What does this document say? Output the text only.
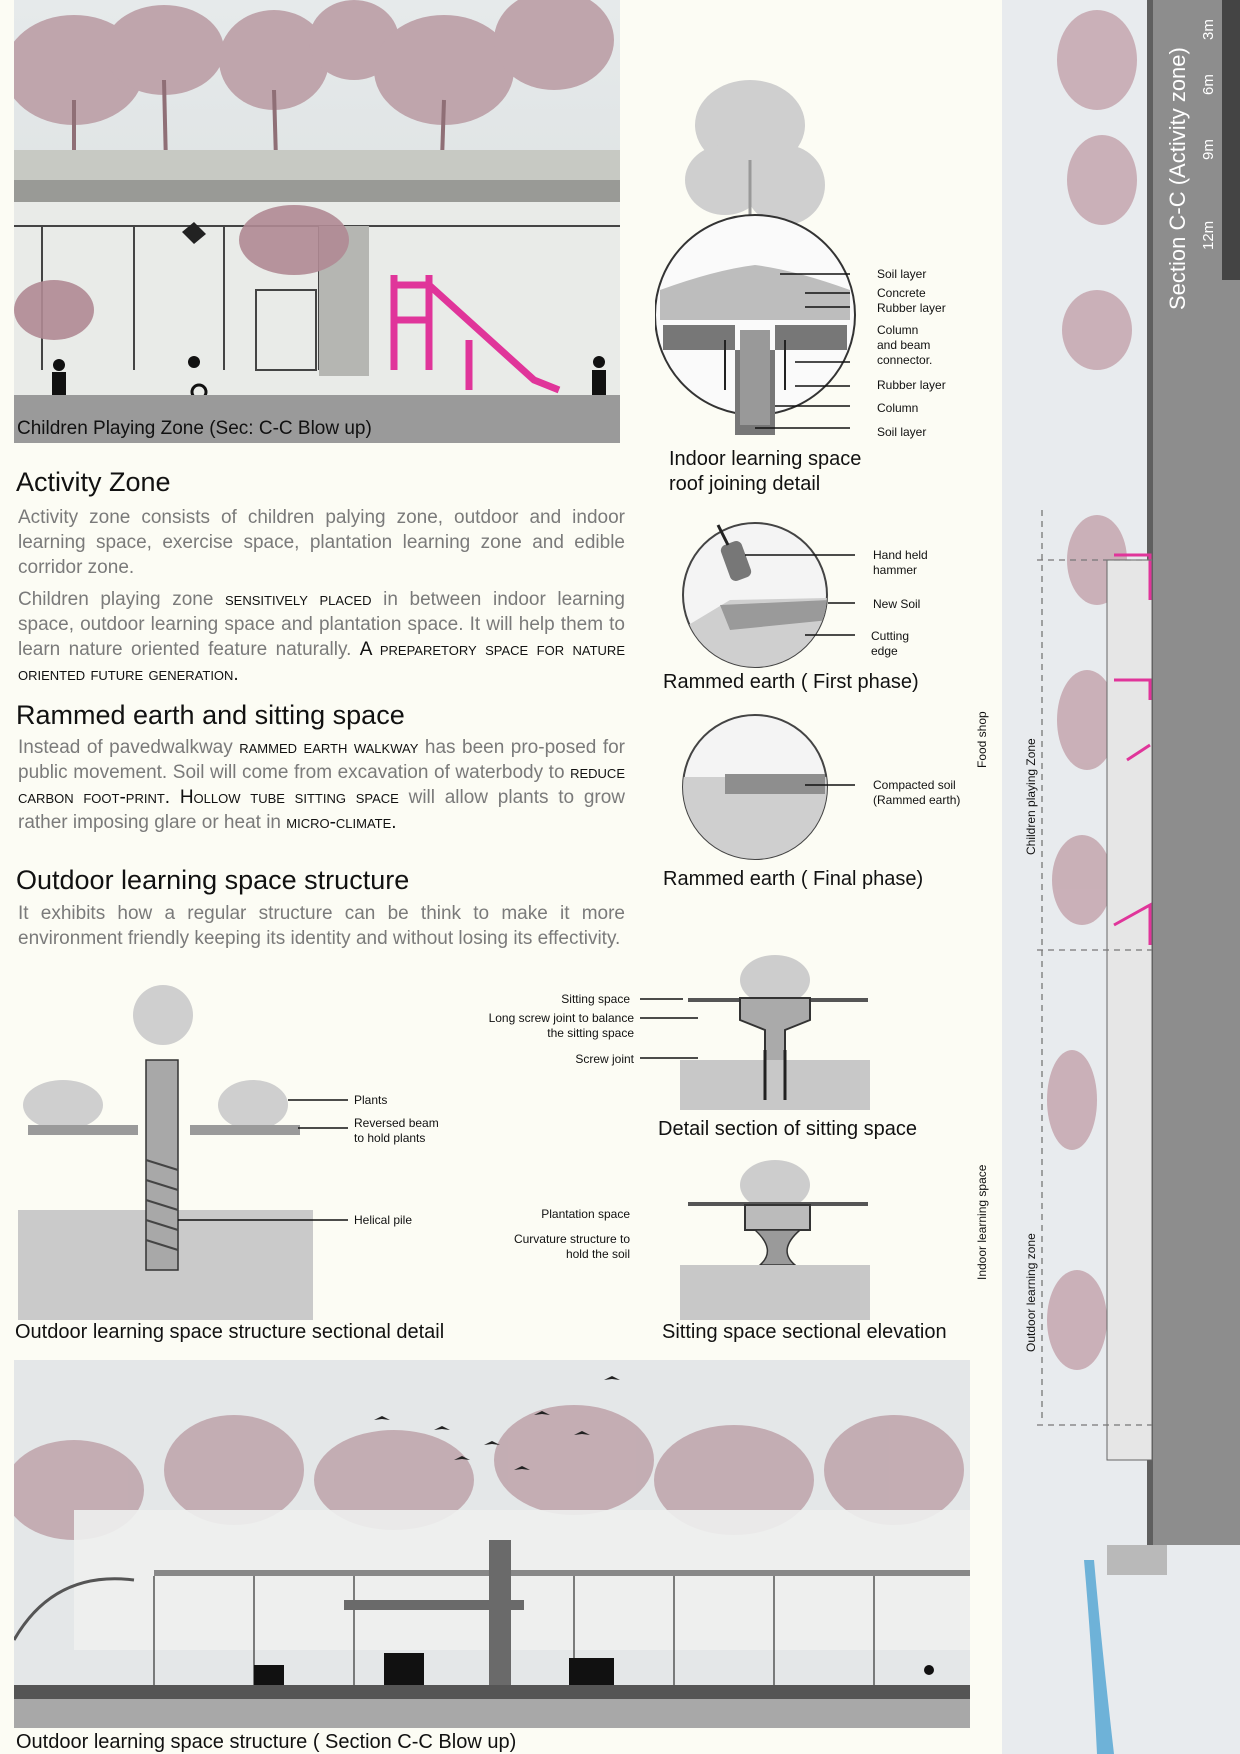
Children Playing Zone (Sec: C-C Blow up)
Activity Zone
Activity zone consists of children palying zone, outdoor and indoor learning space, exercise space, plantation learning zone and edible corridor zone.
Children playing zone sensitively placed in between indoor learning space, outdoor learning space and plantation space. It will help them to learn nature oriented feature naturally. A preparetory space for nature oriented future generation.
Rammed earth and sitting space
Instead of pavedwalkway rammed earth walkway has been pro-posed for public movement. Soil will come from excavation of waterbody to reduce carbon foot-print. Hollow tube sitting space will allow plants to grow rather imposing glare or heat in micro-climate.
Outdoor learning space structure
It exhibits how a regular structure can be think to make it more environment friendly keeping its identity and without losing its effectivity.
Soil layer
Concrete
Rubber layer
Column
and beam
connector.
Rubber layer
Column
Soil layer
Indoor learning space
roof joining detail
Hand held
hammer
New Soil
Cutting
edge
Rammed earth ( First phase)
Compacted soil
(Rammed earth)
Rammed earth ( Final phase)
Sitting space
Long screw joint to balance
the sitting space
Screw joint
Detail section of sitting space
Plantation space
Curvature structure to
hold the soil
Sitting space sectional elevation
Plants
Reversed beam
to hold plants
Helical pile
Outdoor learning space structure sectional detail
Outdoor learning space structure ( Section C-C Blow up)
Section C-C (Activity zone) 12m
9m
6m
3m
Food shop	Children playing Zone
Indoor learning space
Outdoor learning zone
